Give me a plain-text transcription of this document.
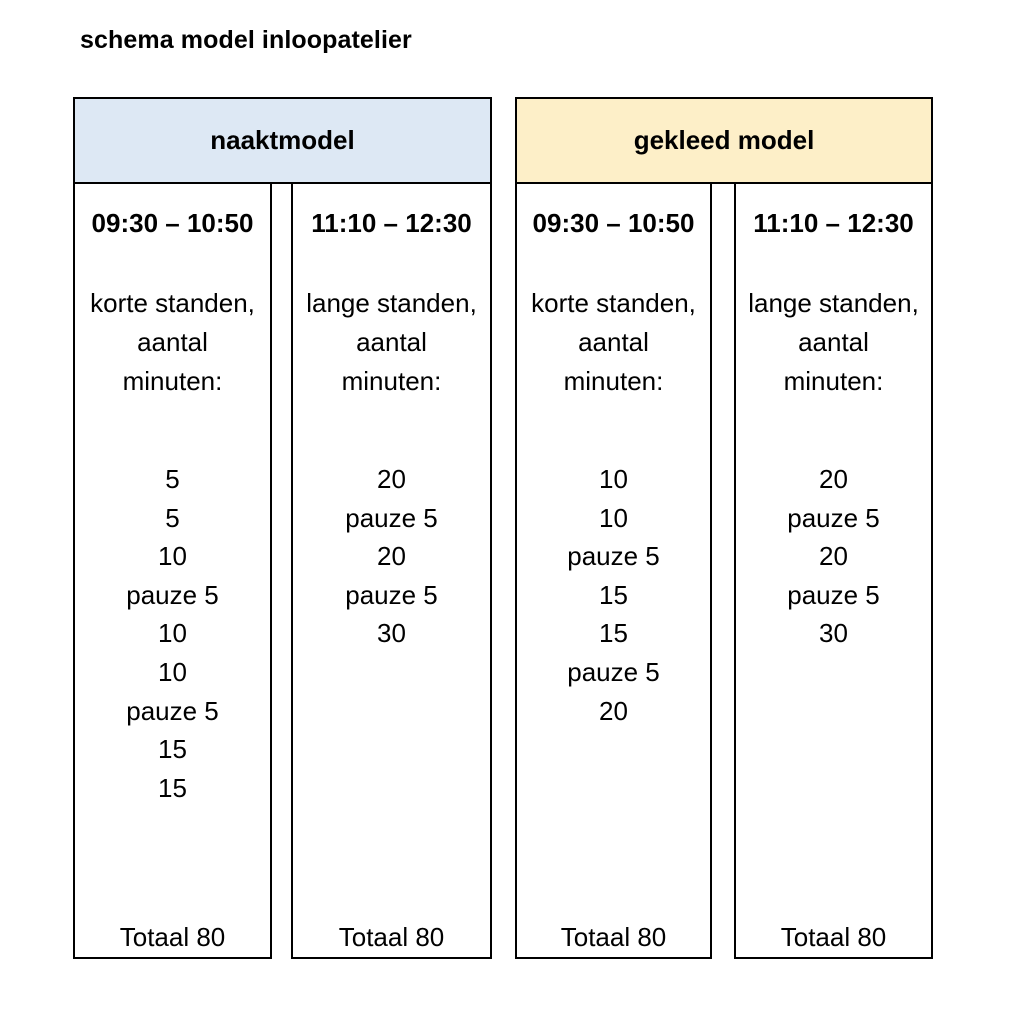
schema model inloopatelier
naaktmodel	gekleed model
09:30 – 10:50
korte standen,
aantal
minuten:
5
5
10
pauze 5
10
10
pauze 5
15
15
Totaal 80
11:10 – 12:30
lange standen,
aantal
minuten:
20
pauze 5
20
pauze 5
30
Totaal 80
09:30 – 10:50
korte standen,
aantal
minuten:
10
10
pauze 5
15
15
pauze 5
20
Totaal 80
11:10 – 12:30
lange standen,
aantal
minuten:
20
pauze 5
20
pauze 5
30
Totaal 80
